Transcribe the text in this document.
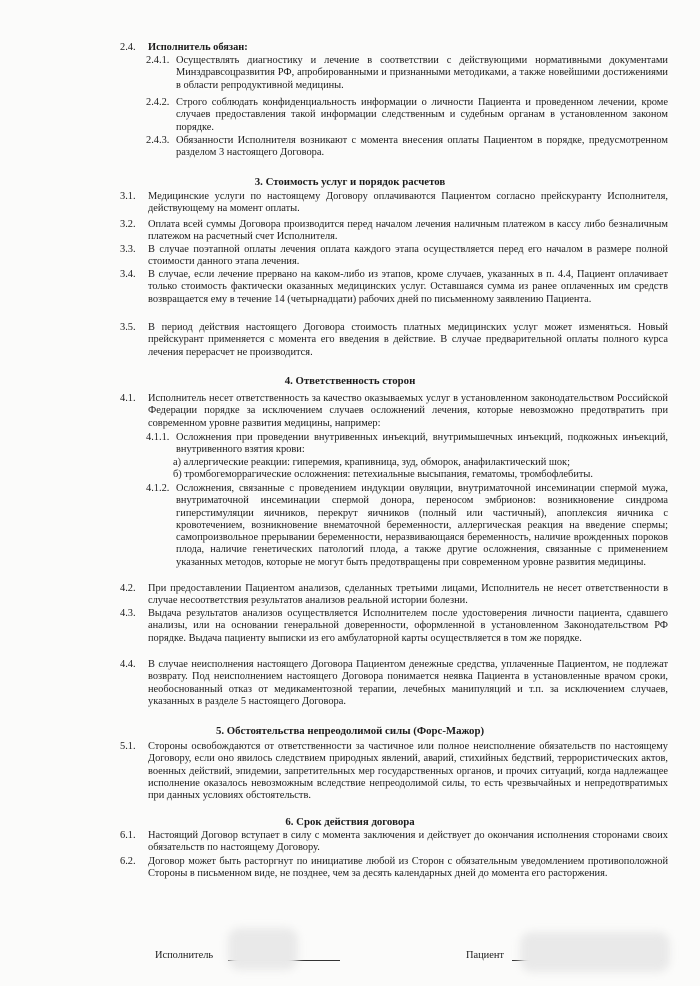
2.4. Исполнитель обязан:
2.4.1. Осуществлять диагностику и лечение в соответствии с действующими нормативными документами Минздравсоцразвития РФ, апробированными и признанными методиками, а также новейшими достижениями в области репродуктивной медицины.
2.4.2. Строго соблюдать конфиденциальность информации о личности Пациента и проведенном лечении, кроме случаев предоставления такой информации следственным и судебным органам в установленном законом порядке.
2.4.3. Обязанности Исполнителя возникают с момента внесения оплаты Пациентом в порядке, предусмотренном разделом 3 настоящего Договора.
3. Стоимость услуг и порядок расчетов
3.1. Медицинские услуги по настоящему Договору оплачиваются Пациентом согласно прейскуранту Исполнителя, действующему на момент оплаты.
3.2. Оплата всей суммы Договора производится перед началом лечения наличным платежом в кассу либо безналичным платежом на расчетный счет Исполнителя.
3.3. В случае поэтапной оплаты лечения оплата каждого этапа осуществляется перед его началом в размере полной стоимости данного этапа лечения.
3.4. В случае, если лечение прервано на каком-либо из этапов, кроме случаев, указанных в п. 4.4, Пациент оплачивает только стоимость фактически оказанных медицинских услуг. Оставшаяся сумма из ранее оплаченных им средств возвращается ему в течение 14 (четырнадцати) рабочих дней по письменному заявлению Пациента.
3.5. В период действия настоящего Договора стоимость платных медицинских услуг может изменяться. Новый прейскурант применяется с момента его введения в действие. В случае предварительной оплаты полного курса лечения перерасчет не производится.
4. Ответственность сторон
4.1. Исполнитель несет ответственность за качество оказываемых услуг в установленном законодательством Российской Федерации порядке за исключением случаев осложнений лечения, которые невозможно предотвратить при современном уровне развития медицины, например:
4.1.1. Осложнения при проведении внутривенных инъекций, внутримышечных инъекций, подкожных инъекций, внутривенного взятия крови:
а) аллергические реакции: гиперемия, крапивница, зуд, обморок, анафилактический шок;
б) тромбогеморрагические осложнения: петехиальные высыпания, гематомы, тромбофлебиты.
4.1.2. Осложнения, связанные с проведением индукции овуляции, внутриматочной инсеминации спермой мужа, внутриматочной инсеминации спермой донора, переносом эмбрионов: возникновение синдрома гиперстимуляции яичников, перекрут яичников (полный или частичный), апоплексия яичника с кровотечением, возникновение внематочной беременности, аллергическая реакция на введение спермы; самопроизвольное прерывании беременности, неразвивающаяся беременность, наличие врожденных пороков плода, наличие генетических патологий плода, а также другие осложнения, связанные с применением указанных методов, которые не могут быть предотвращены при современном уровне развития медицины.
4.2. При предоставлении Пациентом анализов, сделанных третьими лицами, Исполнитель не несет ответственности в случае несоответствия результатов анализов реальной истории болезни.
4.3. Выдача результатов анализов осуществляется Исполнителем после удостоверения личности пациента, сдавшего анализы, или на основании генеральной доверенности, оформленной в установленном Законодательством РФ порядке. Выдача пациенту выписки из его амбулаторной карты осуществляется в том же порядке.
4.4. В случае неисполнения настоящего Договора Пациентом денежные средства, уплаченные Пациентом, не подлежат возврату. Под неисполнением настоящего Договора понимается неявка Пациента в установленные врачом сроки, необоснованный отказ от медикаментозной терапии, лечебных манипуляций и т.п. за исключением случаев, указанных в разделе 5 настоящего Договора.
5. Обстоятельства непреодолимой силы (Форс-Мажор)
5.1. Стороны освобождаются от ответственности за частичное или полное неисполнение обязательств по настоящему Договору, если оно явилось следствием природных явлений, аварий, стихийных бедствий, террористических актов, военных действий, эпидемии, запретительных мер государственных органов, и прочих ситуаций, когда надлежащее исполнение оказалось невозможным вследствие непреодолимой силы, то есть чрезвычайных и непредотвратимых при данных условиях обстоятельств.
6. Срок действия договора
6.1. Настоящий Договор вступает в силу с момента заключения и действует до окончания исполнения сторонами своих обязательств по настоящему Договору.
6.2. Договор может быть расторгнут по инициативе любой из Сторон с обязательным уведомлением противоположной Стороны в письменном виде, не позднее, чем за десять календарных дней до момента его расторжения.
Исполнитель	Пациент
